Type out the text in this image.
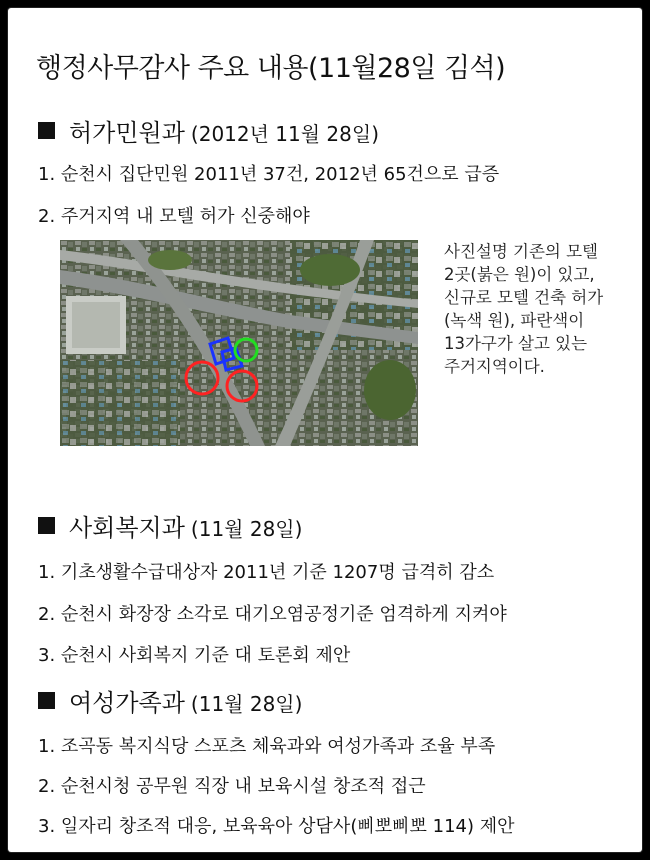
행정사무감사 주요 내용(11월28일 김석)
허가민원과 (2012년 11월 28일)
1. 순천시 집단민원 2011년 37건, 2012년 65건으로 급증
2. 주거지역 내 모텔 허가 신중해야
사진설명 기존의 모텔 2곳(붉은 원)이 있고, 신규로 모텔 건축 허가(녹색 원), 파란색이 13가구가 살고 있는 주거지역이다.
사회복지과 (11월 28일)
1. 기초생활수급대상자 2011년 기준 1207명 급격히 감소
2. 순천시 화장장 소각로 대기오염공정기준 엄격하게 지켜야
3. 순천시 사회복지 기준 대 토론회 제안
여성가족과 (11월 28일)
1. 조곡동 복지식당 스포츠 체육과와 여성가족과 조율 부족
2. 순천시청 공무원 직장 내 보육시설 창조적 접근
3. 일자리 창조적 대응, 보육육아 상담사(삐뽀삐뽀 114) 제안
